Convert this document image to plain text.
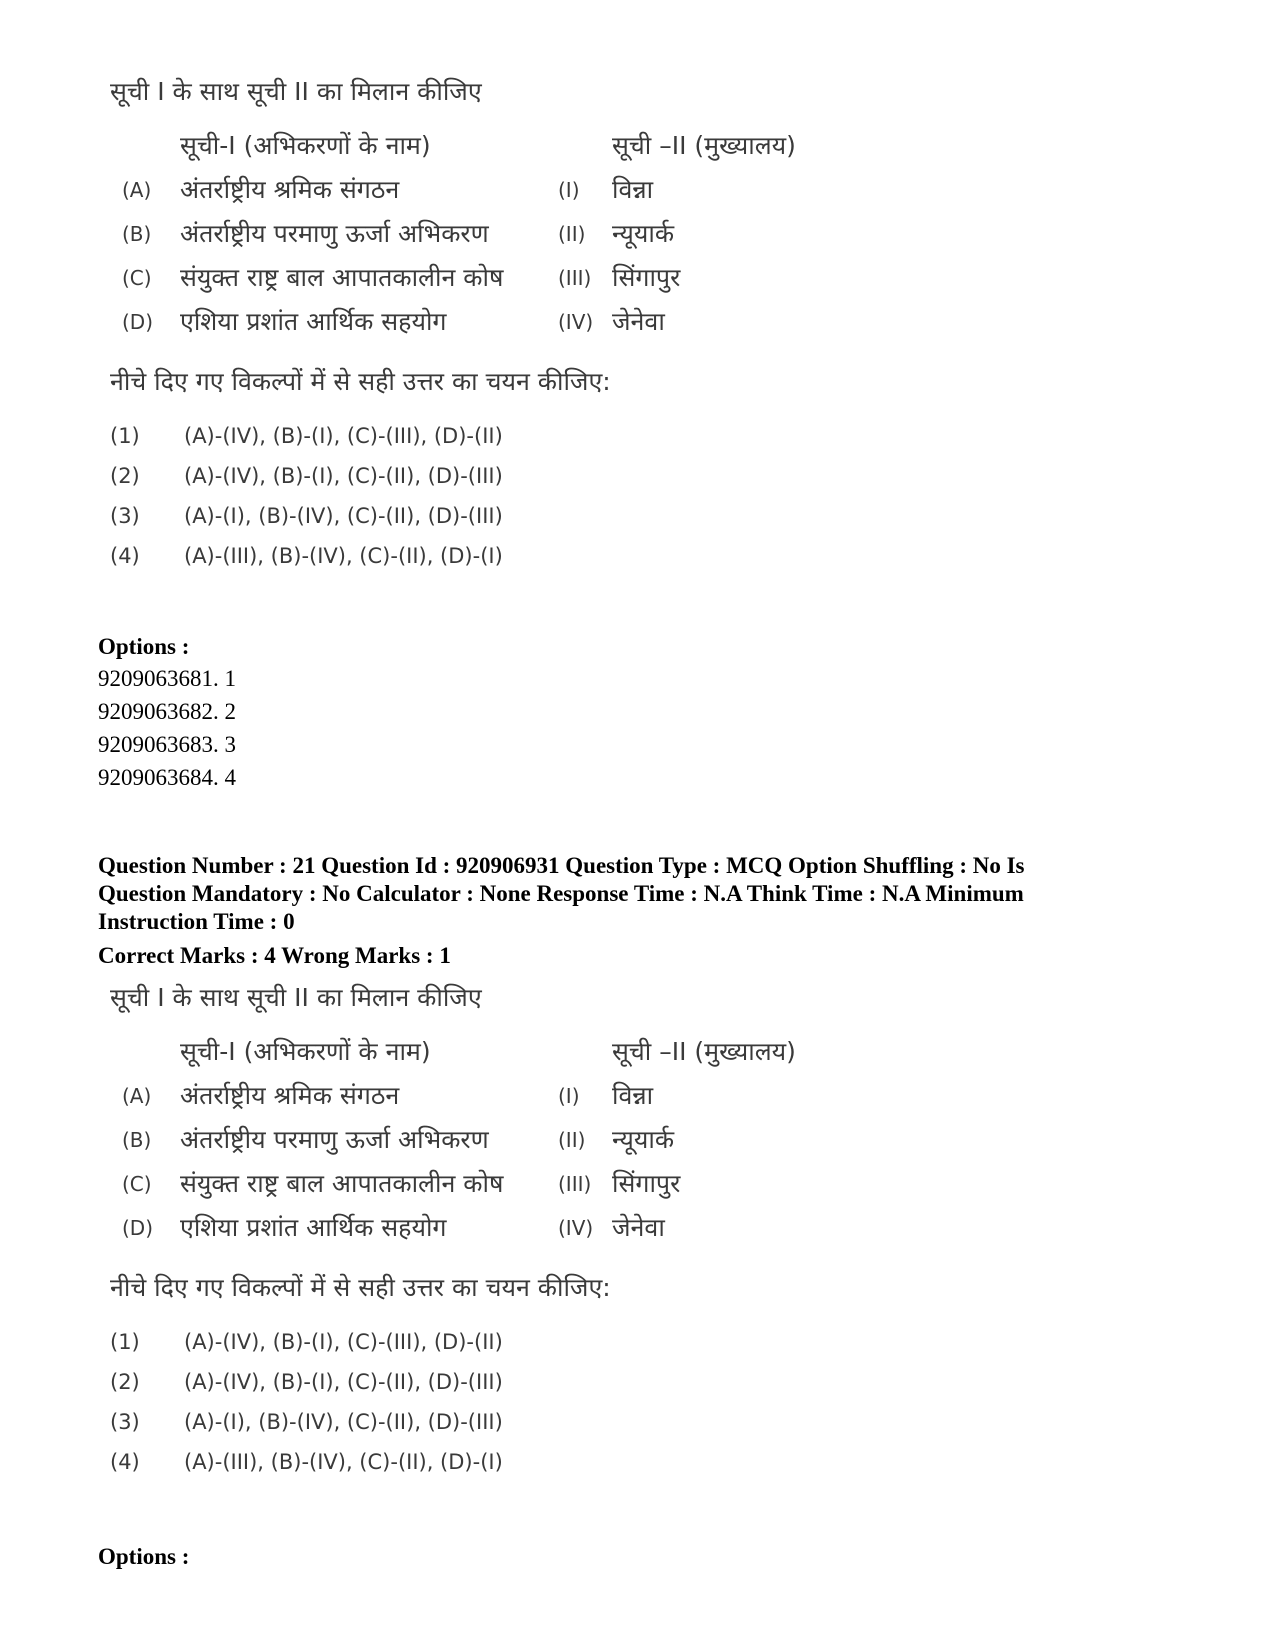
सूची I के साथ सूची II का मिलान कीजिए
सूची-I (अभिकरणों के नाम)	सूची –II (मुख्यालय)
(A) अंतर्राष्ट्रीय श्रमिक संगठन	(I) विन्ना
(B) अंतर्राष्ट्रीय परमाणु ऊर्जा अभिकरण	(II) न्यूयार्क
(C) संयुक्त राष्ट्र बाल आपातकालीन कोष	(III) सिंगापुर
(D) एशिया प्रशांत आर्थिक सहयोग	(IV) जेनेवा
नीचे दिए गए विकल्पों में से सही उत्तर का चयन कीजिए:
(1) (A)-(IV), (B)-(I), (C)-(III), (D)-(II)
(2) (A)-(IV), (B)-(I), (C)-(II), (D)-(III)
(3) (A)-(I), (B)-(IV), (C)-(II), (D)-(III)
(4) (A)-(III), (B)-(IV), (C)-(II), (D)-(I)
Options :
9209063681. 1
9209063682. 2
9209063683. 3
9209063684. 4
Question Number : 21 Question Id : 920906931 Question Type : MCQ Option Shuffling : No Is
Question Mandatory : No Calculator : None Response Time : N.A Think Time : N.A Minimum
Instruction Time : 0
Correct Marks : 4 Wrong Marks : 1
सूची I के साथ सूची II का मिलान कीजिए
सूची-I (अभिकरणों के नाम)	सूची –II (मुख्यालय)
(A) अंतर्राष्ट्रीय श्रमिक संगठन	(I) विन्ना
(B) अंतर्राष्ट्रीय परमाणु ऊर्जा अभिकरण	(II) न्यूयार्क
(C) संयुक्त राष्ट्र बाल आपातकालीन कोष	(III) सिंगापुर
(D) एशिया प्रशांत आर्थिक सहयोग	(IV) जेनेवा
नीचे दिए गए विकल्पों में से सही उत्तर का चयन कीजिए:
(1) (A)-(IV), (B)-(I), (C)-(III), (D)-(II)
(2) (A)-(IV), (B)-(I), (C)-(II), (D)-(III)
(3) (A)-(I), (B)-(IV), (C)-(II), (D)-(III)
(4) (A)-(III), (B)-(IV), (C)-(II), (D)-(I)
Options :
